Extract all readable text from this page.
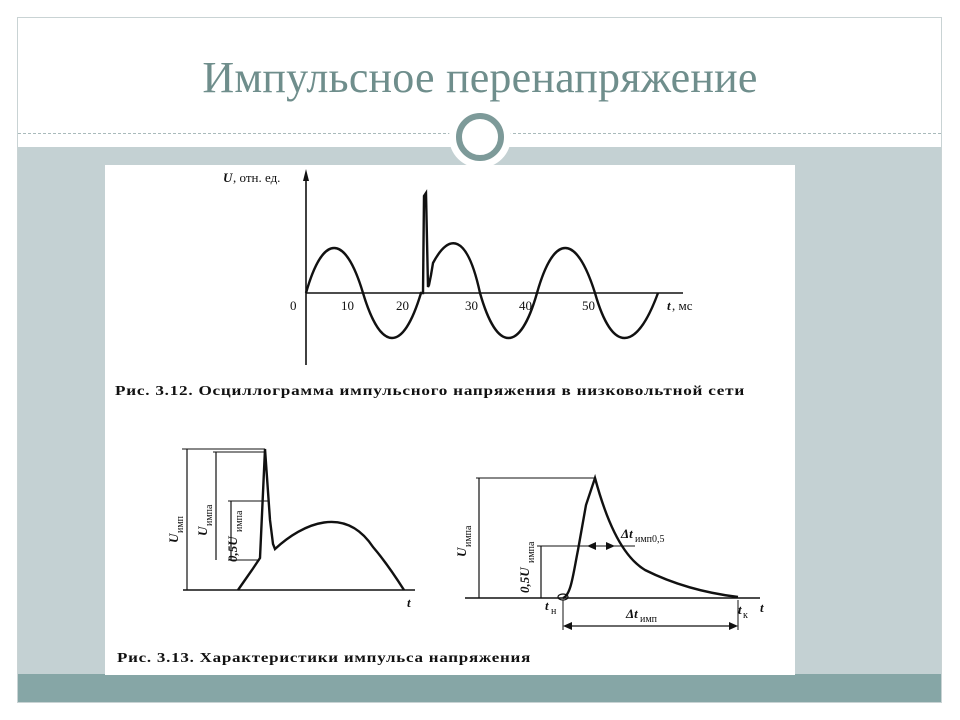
Импульсное перенапряжение
U , отн. ед.
0	10	20	30	40	50	t , мс
Рис. 3.12. Осциллограмма импульсного напряжения в низковольтной сети
U
имп U
импа
0,5U
импа
t
U
импа
0,5U
импа
Δt имп0,5
Δt имп
t н	t к
t
Рис. 3.13. Характеристики импульса напряжения
